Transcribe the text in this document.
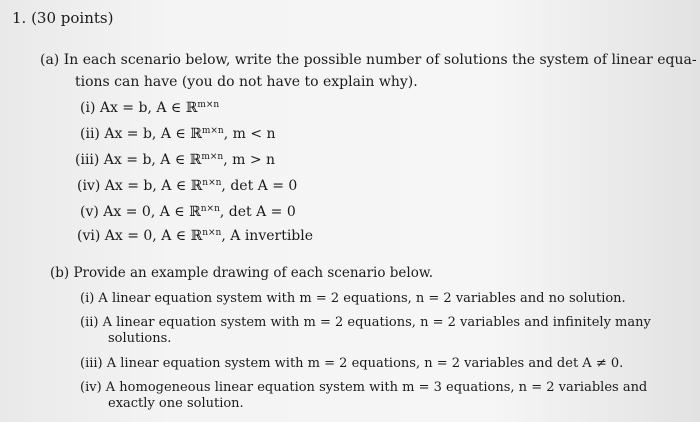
1. (30 points)
(a) In each scenario below, write the possible number of solutions the system of linear equa-
tions can have (you do not have to explain why).
(i) Ax = b, A ∈ ℝ$^{m\times n}$
(ii) Ax = b, A ∈ ℝ$^{m\times n}$, m < n
(iii) Ax = b, A ∈ ℝ$^{m\times n}$, m > n
(iv) Ax = b, A ∈ ℝ$^{n\times n}$, det A = 0
(v) Ax = 0, A ∈ ℝ$^{n\times n}$, det A = 0
(vi) Ax = 0, A ∈ ℝ$^{n\times n}$, A invertible
(b) Provide an example drawing of each scenario below.
(i) A linear equation system with m = 2 equations, n = 2 variables and no solution.
(ii) A linear equation system with m = 2 equations, n = 2 variables and infinitely many
solutions.
(iii) A linear equation system with m = 2 equations, n = 2 variables and det A ≠ 0.
(iv) A homogeneous linear equation system with m = 3 equations, n = 2 variables and
exactly one solution.
